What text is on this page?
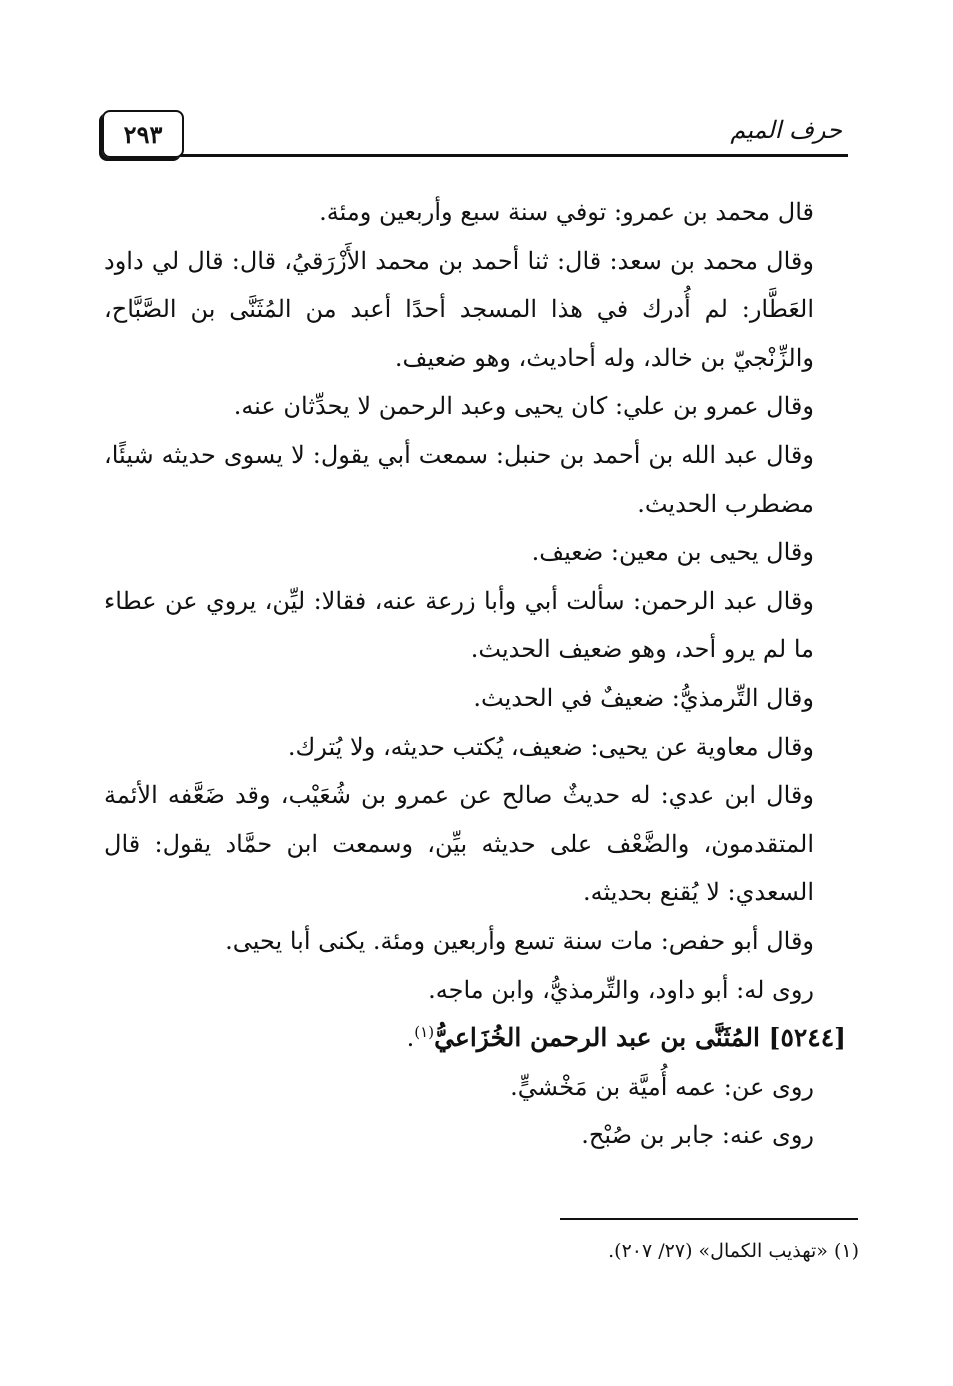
٢٩٣	حرف الميم

قال محمد بن عمرو: توفي سنة سبع وأربعين ومئة.

وقال محمد بن سعد: قال: ثنا أحمد بن محمد الأَزْرَقيُ، قال: قال لي داود العَطَّار: لم أُدرك في هذا المسجد أحدًا أعبد من المُثَنَّى بن الصَّبَّاح، والزِّنْجيّ بن خالد، وله أحاديث، وهو ضعيف.

وقال عمرو بن علي: كان يحيى وعبد الرحمن لا يحدِّثان عنه.

وقال عبد الله بن أحمد بن حنبل: سمعت أبي يقول: لا يسوى حديثه شيئًا، مضطرب الحديث.

وقال يحيى بن معين: ضعيف.

وقال عبد الرحمن: سألت أبي وأبا زرعة عنه، فقالا: ليِّن، يروي عن عطاء ما لم يرو أحد، وهو ضعيف الحديث.

وقال التِّرمذيُّ: ضعيفٌ في الحديث.

وقال معاوية عن يحيى: ضعيف، يُكتب حديثه، ولا يُترك.

وقال ابن عدي: له حديثٌ صالح عن عمرو بن شُعَيْب، وقد ضَعَّفه الأئمة المتقدمون، والضَّعْف على حديثه بيِّن، وسمعت ابن حمَّاد يقول: قال السعدي: لا يُقنع بحديثه.

وقال أبو حفص: مات سنة تسع وأربعين ومئة. يكنى أبا يحيى.

روى له: أبو داود، والتِّرمذيُّ، وابن ماجه.

[٥٢٤٤] المُثَنَّى بن عبد الرحمن الخُزَاعيُّ$^{(١)}$.

روى عن: عمه أُميَّة بن مَخْشيٍّ.

روى عنه: جابر بن صُبْح.

(١) «تهذيب الكمال» (٢٧/ ٢٠٧).
